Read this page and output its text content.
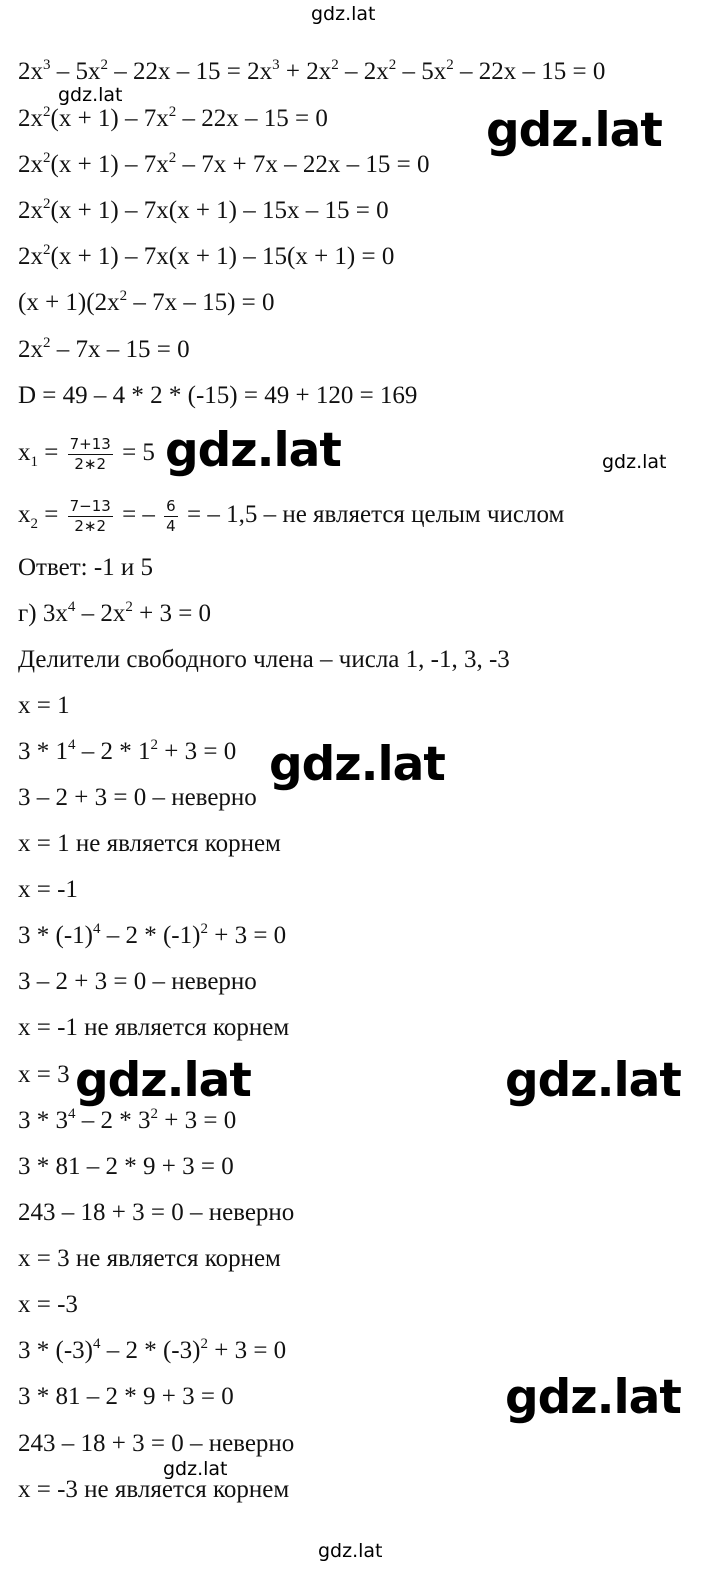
$2x^3 - 5x^2 - 22x - 15 = 2x^3 + 2x^2 - 2x^2 - 5x^2 - 22x - 15 = 0$
$2x^2(x + 1) - 7x^2 - 22x - 15 = 0$
$2x^2(x + 1) - 7x^2 - 7x + 7x - 22x - 15 = 0$
$2x^2(x + 1) - 7x(x + 1) - 15x - 15 = 0$
$2x^2(x + 1) - 7x(x + 1) - 15(x + 1) = 0$
$(x + 1)(2x^2 - 7x - 15) = 0$
$2x^2 - 7x - 15 = 0$
D = 49 – 4 * 2 * (-15) = 49 + 120 = 169
$x_1 = \frac{7+13}{2∗2} = 5$
$x_2 = \frac{7-13}{2∗2}$ = – $\frac{6}{4}$ = – 1,5 – не является целым числом
Ответ: -1 и 5
г) $3x^4 - 2x^2 + 3 = 0$
Делители свободного члена – числа 1, -1, 3, -3
x = 1
$3 * 1^4 - 2 * 1^2 + 3 = 0$
3 – 2 + 3 = 0 – неверно
x = 1 не является корнем
x = -1
$3 * (-1)^4 - 2 * (-1)^2 + 3 = 0$
3 – 2 + 3 = 0 – неверно
x = -1 не является корнем
x = 3
$3 * 3^4 - 2 * 3^2 + 3 = 0$
3 * 81 – 2 * 9 + 3 = 0
243 – 18 + 3 = 0 – неверно
x = 3 не является корнем
x = -3
$3 * (-3)^4 - 2 * (-3)^2 + 3 = 0$
3 * 81 – 2 * 9 + 3 = 0
243 – 18 + 3 = 0 – неверно
x = -3 не является корнем
gdz.lat
gdz.lat
gdz.lat
gdz.lat	gdz.lat
gdz.lat
gdz.lat	gdz.lat
gdz.lat
gdz.lat
gdz.lat
